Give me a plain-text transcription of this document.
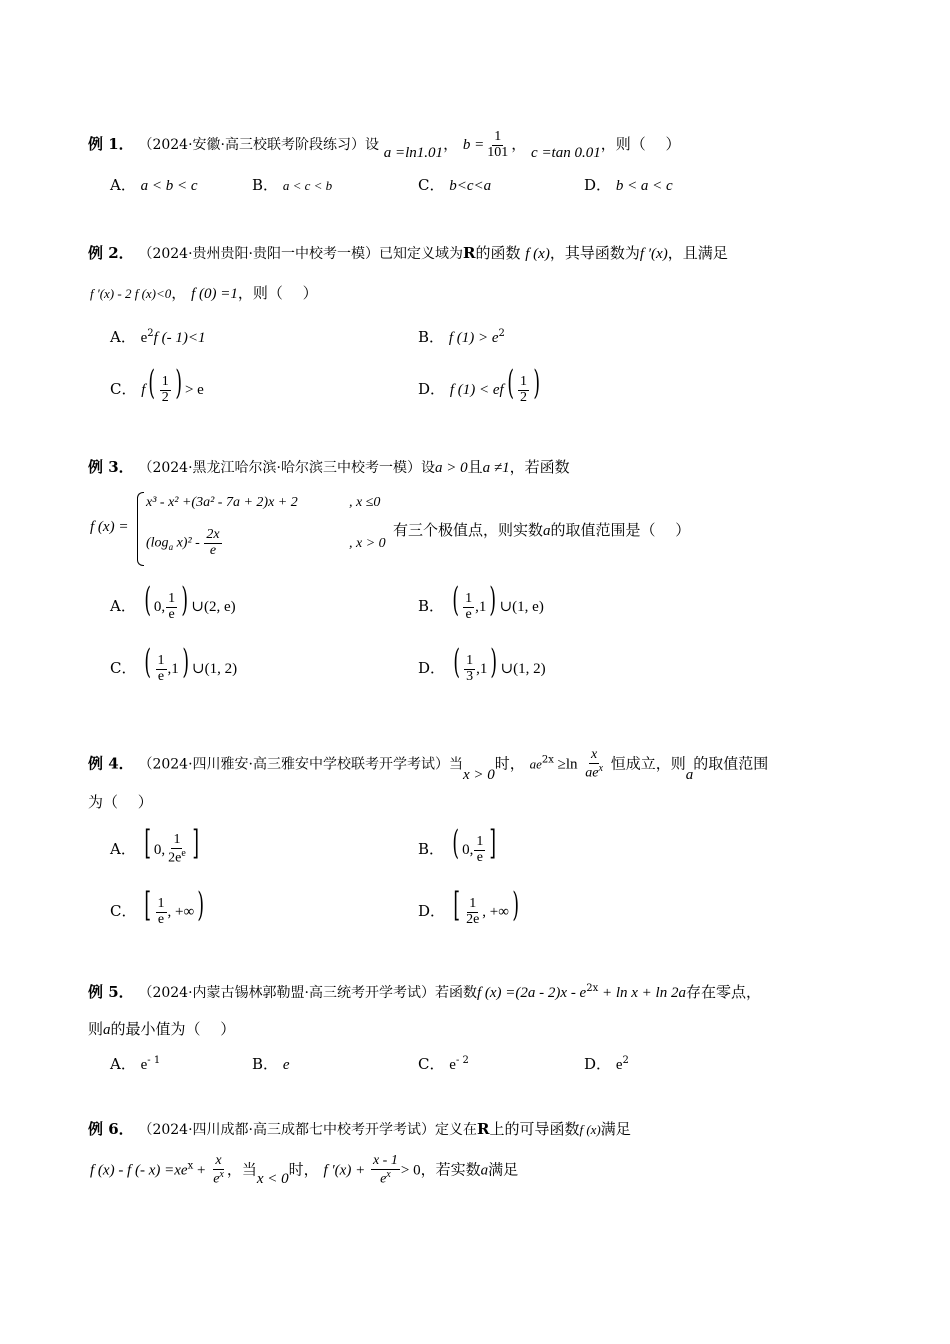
例 1． （2024·安徽·高三校联考阶段练习）设 a =ln1.01， $b = \frac{1}{101}$ ， c =tan 0.01，则（　 ）
A． a < b < c	B． a < c < b	C． b<c<a	D． b < a < c
例 2． （2024·贵州贵阳·贵阳一中校考一模）已知定义域为R的函数 f (x)，其导函数为f ′(x)，且满足
f ′(x) - 2 f (x)<0， f (0) =1，则（　 ）
A． $e^2f$ (- 1)<1	B． f $(1) > e^2$
C． $f( \frac{1}{2}$ ) > e	D． f $(1) < ef( \frac{1}{2}$ )
例 3． （2024·黑龙江哈尔滨·哈尔滨三中校考一模）设a > 0且a ≠1，若函数
f (x) =
x³ - x² +(3a² - 7a + 2)x + 2	, x ≤0
($\log_a$ $x)^2 - \frac{2x}{e}$	, x > 0
有三个极值点，则实数a的取值范围是（　 ）
A． ( 0, $\frac{1}{e}$ ) ∪(2, e)	B． ( $\frac{1}{e} ,1$) ∪(1, e)
C． ( $\frac{1}{e} ,1$) ∪(1, 2)	D． ( $\frac{1}{3} ,1$) ∪(1, 2)
例 4． （2024·四川雅安·高三雅安中学校联考开学考试）当x > 0时， $ae^{2x} \ge\ln \frac{x}{ae^x}$ 恒成立，则a的取值范围
为（　 ）
A． [ 0, $\frac{1}{2e^e}$ ]	B． ( 0, $\frac{1}{e}$ ]
C． [ $\frac{1}{e}$ , +∞)	D． [ $\frac{1}{2e}$ , +∞)
例 5． （2024·内蒙古锡林郭勒盟·高三统考开学考试）若函数f $(x) =(2a - 2)x - e^{2x} + \ln x + \ln 2a$存在零点，
则a的最小值为（　 ）
A． $e^{- 1}$	B． e	C． $e^{- 2}$	D． $e^2$
例 6． （2024·四川成都·高三成都七中校考开学考试）定义在R上的可导函数f (x)满足
f (x) - f (- $x) =xe^x + \frac{x}{e^x}$ ，当x < 0时， f $'(x) + \frac{x - 1}{e^x} > 0$，若实数a满足
